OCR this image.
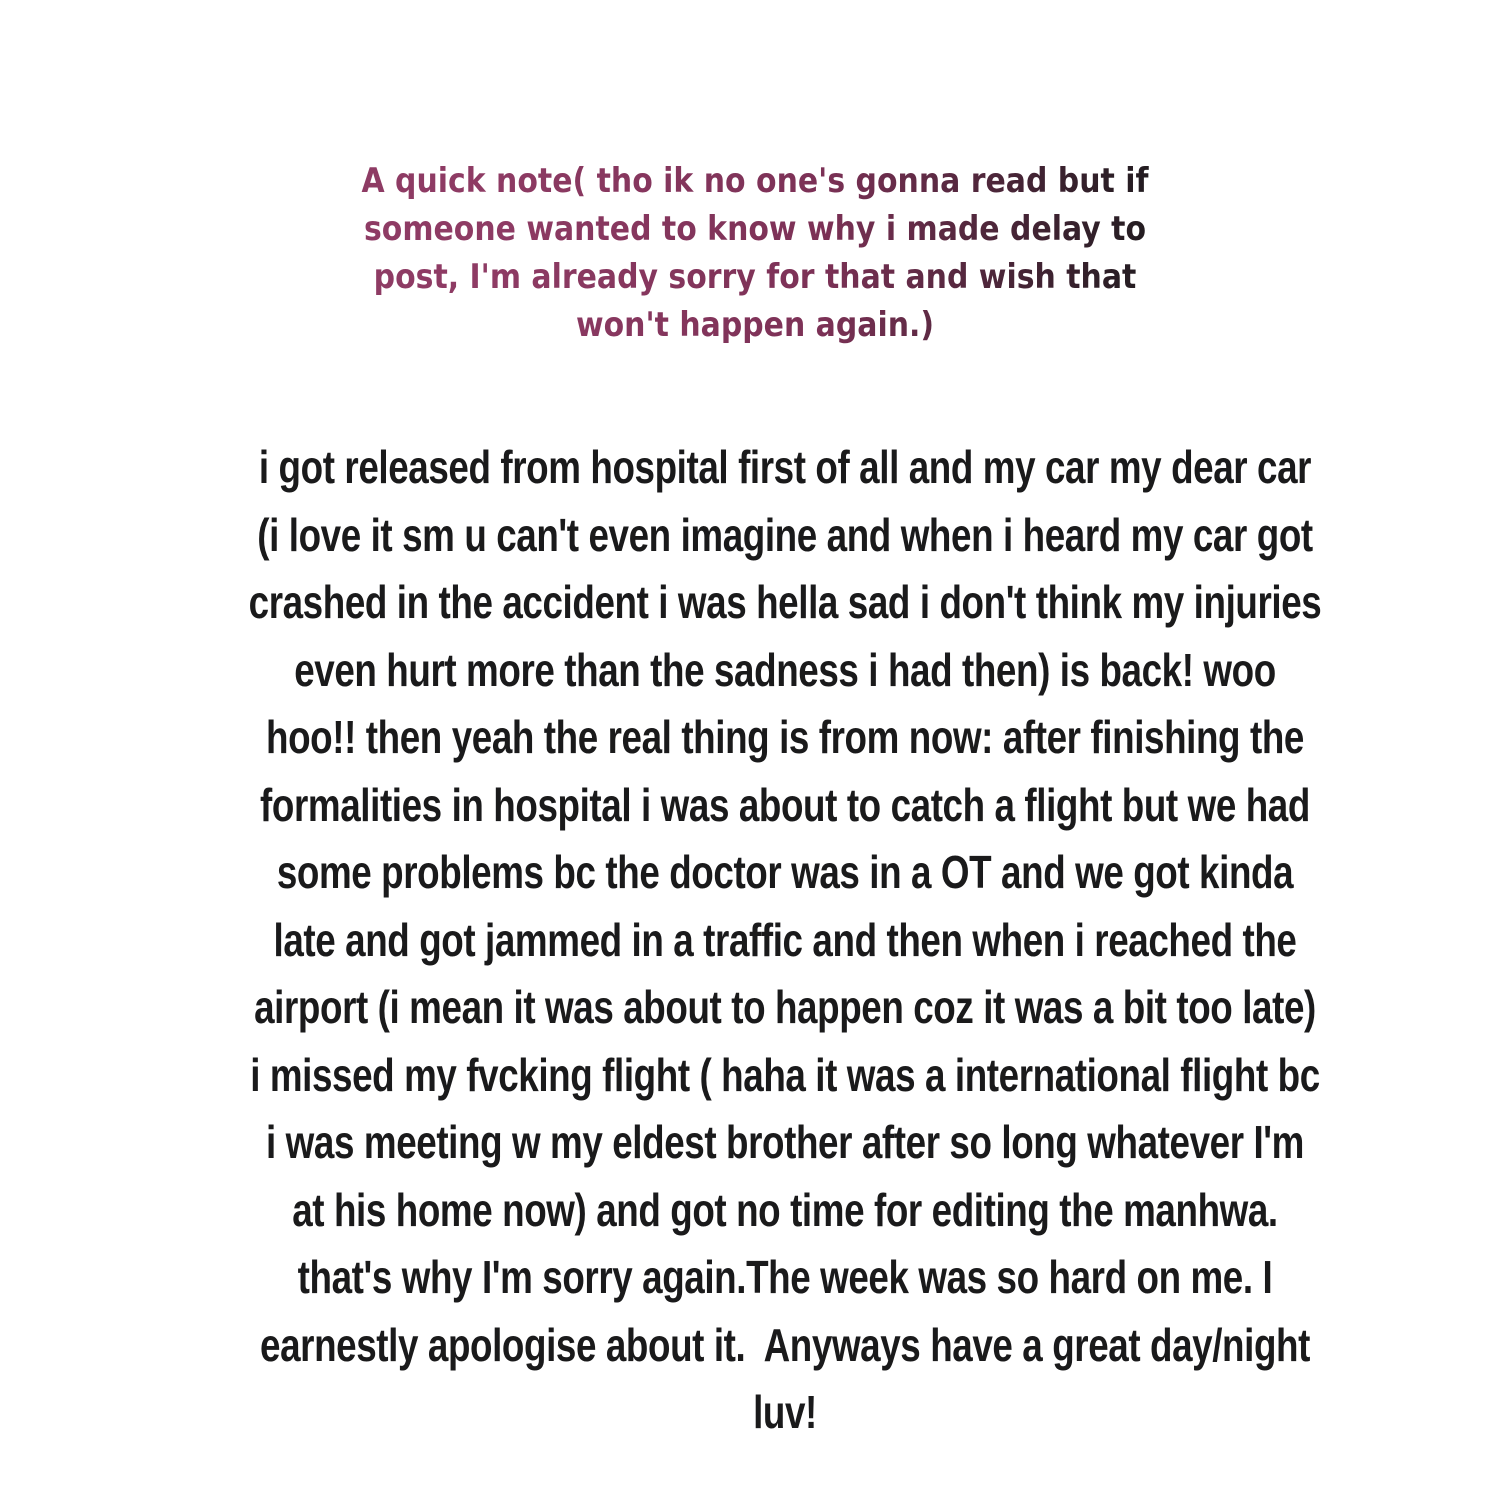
A quick note( tho ik no one's gonna read but if
someone wanted to know why i made delay to
post, I'm already sorry for that and wish that
won't happen again.)
i got released from hospital first of all and my car my dear car
(i love it sm u can't even imagine and when i heard my car got
crashed in the accident i was hella sad i don't think my injuries
even hurt more than the sadness i had then) is back! woo
hoo!! then yeah the real thing is from now: after finishing the
formalities in hospital i was about to catch a flight but we had
some problems bc the doctor was in a OT and we got kinda
late and got jammed in a traffic and then when i reached the
airport (i mean it was about to happen coz it was a bit too late)
i missed my fvcking flight ( haha it was a international flight bc
i was meeting w my eldest brother after so long whatever I'm
at his home now) and got no time for editing the manhwa.
that's why I'm sorry again.The week was so hard on me. I
earnestly apologise about it.  Anyways have a great day/night
luv!
